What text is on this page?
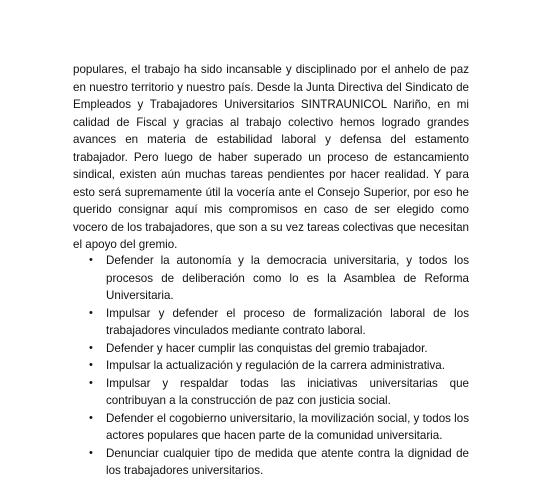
populares, el trabajo ha sido incansable y disciplinado por el anhelo de paz en nuestro territorio y nuestro país. Desde la Junta Directiva del Sindicato de Empleados y Trabajadores Universitarios SINTRAUNICOL Nariño, en mi calidad de Fiscal y gracias al trabajo colectivo hemos logrado grandes avances en materia de estabilidad laboral y defensa del estamento trabajador. Pero luego de haber superado un proceso de estancamiento sindical, existen aún muchas tareas pendientes por hacer realidad. Y para esto será supremamente útil la vocería ante el Consejo Superior, por eso he querido consignar aquí mis compromisos en caso de ser elegido como vocero de los trabajadores, que son a su vez tareas colectivas que necesitan el apoyo del gremio.

• Defender la autonomía y la democracia universitaria, y todos los procesos de deliberación como lo es la Asamblea de Reforma Universitaria.
• Impulsar y defender el proceso de formalización laboral de los trabajadores vinculados mediante contrato laboral.
• Defender y hacer cumplir las conquistas del gremio trabajador.
• Impulsar la actualización y regulación de la carrera administrativa.
• Impulsar y respaldar todas las iniciativas universitarias que contribuyan a la construcción de paz con justicia social.
• Defender el cogobierno universitario, la movilización social, y todos los actores populares que hacen parte de la comunidad universitaria.
• Denunciar cualquier tipo de medida que atente contra la dignidad de los trabajadores universitarios.
